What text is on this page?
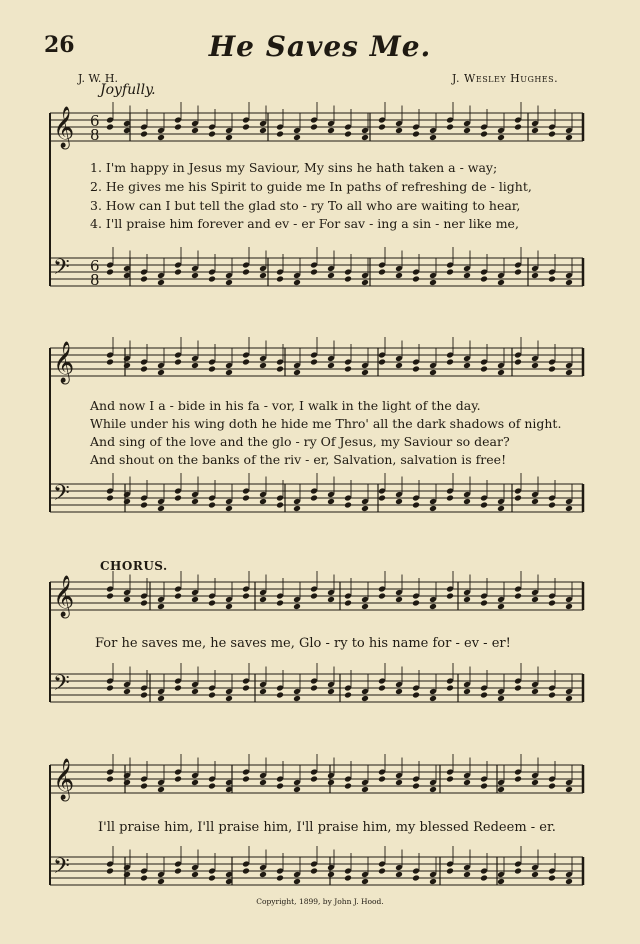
26	He Saves Me.
J. W. H.	J. Wesley Hughes.
Joyfully.
𝄞 6
8
𝄢 6
8
𝄞
𝄢
𝄞
𝄢
𝄞
𝄢
1. I'm happy in Jesus my Saviour, My sins he hath taken a - way;
2. He gives me his Spirit to guide me In paths of refreshing de - light,
3. How can I but tell the glad sto - ry To all who are waiting to hear,
4. I'll praise him forever and ev - er For sav - ing a sin - ner like me,
And now I a - bide in his fa - vor, I walk in the light of the day.
While under his wing doth he hide me Thro' all the dark shadows of night.
And sing of the love and the glo - ry Of Jesus, my Saviour so dear?
And shout on the banks of the riv - er, Salvation, salvation is free!
CHORUS.
For he saves me, he saves me, Glo - ry to his name for - ev - er!
I'll praise him, I'll praise him, I'll praise him, my blessed Redeem - er.
Copyright, 1899, by John J. Hood.
